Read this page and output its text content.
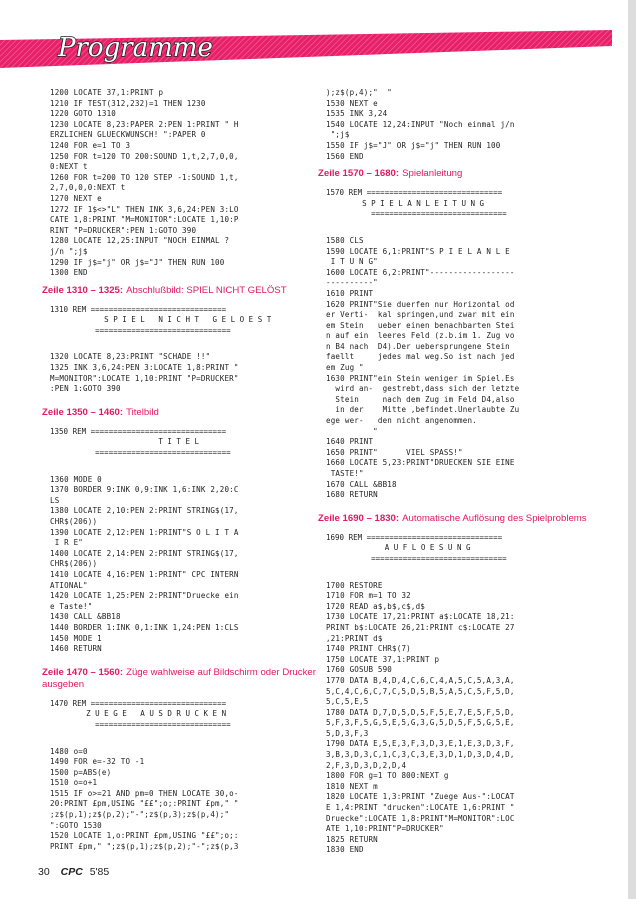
Programme
1200 LOCATE 37,1:PRINT p
1210 IF TEST(312,232)=1 THEN 1230
1220 GOTO 1310
1230 LOCATE 8,23:PAPER 2:PEN 1:PRINT " H
ERZLICHEN GLUECKWUNSCH! ":PAPER 0
1240 FOR e=1 TO 3
1250 FOR t=120 TO 200:SOUND 1,t,2,7,0,0,
0:NEXT t
1260 FOR t=200 TO 120 STEP -1:SOUND 1,t,
2,7,0,0,0:NEXT t
1270 NEXT e
1272 IF 1$<>"L" THEN INK 3,6,24:PEN 3:LO
CATE 1,8:PRINT "M=MONITOR":LOCATE 1,10:P
RINT "P=DRUCKER":PEN 1:GOTO 390
1280 LOCATE 12,25:INPUT "NOCH EINMAL ?
j/n ";j$
1290 IF j$="j" OR j$="J" THEN RUN 100
1300 END

Zeile 1310 – 1325: Abschlußbild: SPIEL NICHT GELÖST
1310 REM ==============================
S P I E L   N I C H T   G E L O E S T
==============================

1320 LOCATE 8,23:PRINT "SCHADE !!"
1325 INK 3,6,24:PEN 3:LOCATE 1,8:PRINT "
M=MONITOR":LOCATE 1,10:PRINT "P=DRUCKER"
:PEN 1:GOTO 390

Zeile 1350 – 1460: Titelbild
1350 REM ==============================
T I T E L
==============================

1360 MODE 0
1370 BORDER 9:INK 0,9:INK 1,6:INK 2,20:C
LS
1380 LOCATE 2,10:PEN 2:PRINT STRING$(17,
CHR$(206))
1390 LOCATE 2,12:PEN 1:PRINT"S O L I T A
I R E"
1400 LOCATE 2,14:PEN 2:PRINT STRING$(17,
CHR$(206))
1410 LOCATE 4,16:PEN 1:PRINT" CPC INTERN
ATIONAL"
1420 LOCATE 1,25:PEN 2:PRINT"Druecke ein
e Taste!"
1430 CALL &BB18
1440 BORDER 1:INK 0,1:INK 1,24:PEN 1:CLS
1450 MODE 1
1460 RETURN

Zeile 1470 – 1560: Züge wahlweise auf Bildschirm oder Drucker ausgeben
1470 REM ==============================
Z U E G E   A U S D R U C K E N
==============================

1480 o=0
1490 FOR e=-32 TO -1
1500 p=ABS(e)
1510 o=o+1
1515 IF o>=21 AND pm=0 THEN LOCATE 30,o-
20:PRINT £pm,USING "££";o;:PRINT £pm," "
;z$(p,1);z$(p,2);"-";z$(p,3);z$(p,4);"
":GOTO 1530
1520 LOCATE 1,o:PRINT £pm,USING "££";o;:
PRINT £pm," ";z$(p,1);z$(p,2);"-";z$(p,3

);z$(p,4);"  "
1530 NEXT e
1535 INK 3,24
1540 LOCATE 12,24:INPUT "Noch einmal j/n
";j$
1550 IF j$="J" OR j$="j" THEN RUN 100
1560 END

Zeile 1570 – 1680: Spielanleitung
1570 REM ==============================
S P I E L A N L E I T U N G
==============================

1580 CLS
1590 LOCATE 6,1:PRINT"S P I E L A N L E
I T U N G"
1600 LOCATE 6,2:PRINT"------------------
----------"
1610 PRINT
1620 PRINT"Sie duerfen nur Horizontal od
er Verti-  kal springen,und zwar mit ein
em Stein   ueber einen benachbarten Stei
n auf ein  leeres Feld (z.b.im 1. Zug vo
n B4 nach  D4).Der uebersprungene Stein
faellt     jedes mal weg.So ist nach jed
em Zug "
1630 PRINT"ein Stein weniger im Spiel.Es
wird an-  gestrebt,dass sich der letzte
Stein     nach dem Zug im Feld D4,also
in der    Mitte ,befindet.Unerlaubte Zu
ege wer-   den nicht angenommen.
"
1640 PRINT
1650 PRINT"      VIEL SPASS!"
1660 LOCATE 5,23:PRINT"DRUECKEN SIE EINE
TASTE!"
1670 CALL &BB18
1680 RETURN

Zeile 1690 – 1830: Automatische Auflösung des Spielproblems
1690 REM ==============================
A U F L O E S U N G
==============================

1700 RESTORE
1710 FOR m=1 TO 32
1720 READ a$,b$,c$,d$
1730 LOCATE 17,21:PRINT a$:LOCATE 18,21:
PRINT b$:LOCATE 26,21:PRINT c$:LOCATE 27
,21:PRINT d$
1740 PRINT CHR$(7)
1750 LOCATE 37,1:PRINT p
1760 GOSUB 590
1770 DATA B,4,D,4,C,6,C,4,A,5,C,5,A,3,A,
5,C,4,C,6,C,7,C,5,D,5,B,5,A,5,C,5,F,5,D,
5,C,5,E,5
1780 DATA D,7,D,5,D,5,F,5,E,7,E,5,F,5,D,
5,F,3,F,5,G,5,E,5,G,3,G,5,D,5,F,5,G,5,E,
5,D,3,F,3
1790 DATA E,5,E,3,F,3,D,3,E,1,E,3,D,3,F,
3,B,3,D,3,C,1,C,3,C,3,E,3,D,1,D,3,D,4,D,
2,F,3,D,3,D,2,D,4
1800 FOR g=1 TO 800:NEXT g
1810 NEXT m
1820 LOCATE 1,3:PRINT "Zuege Aus-":LOCAT
E 1,4:PRINT "drucken":LOCATE 1,6:PRINT "
Druecke":LOCATE 1,8:PRINT"M=MONITOR":LOC
ATE 1,10:PRINT"P=DRUCKER"
1825 RETURN
1830 END

30 CPC 5'85
